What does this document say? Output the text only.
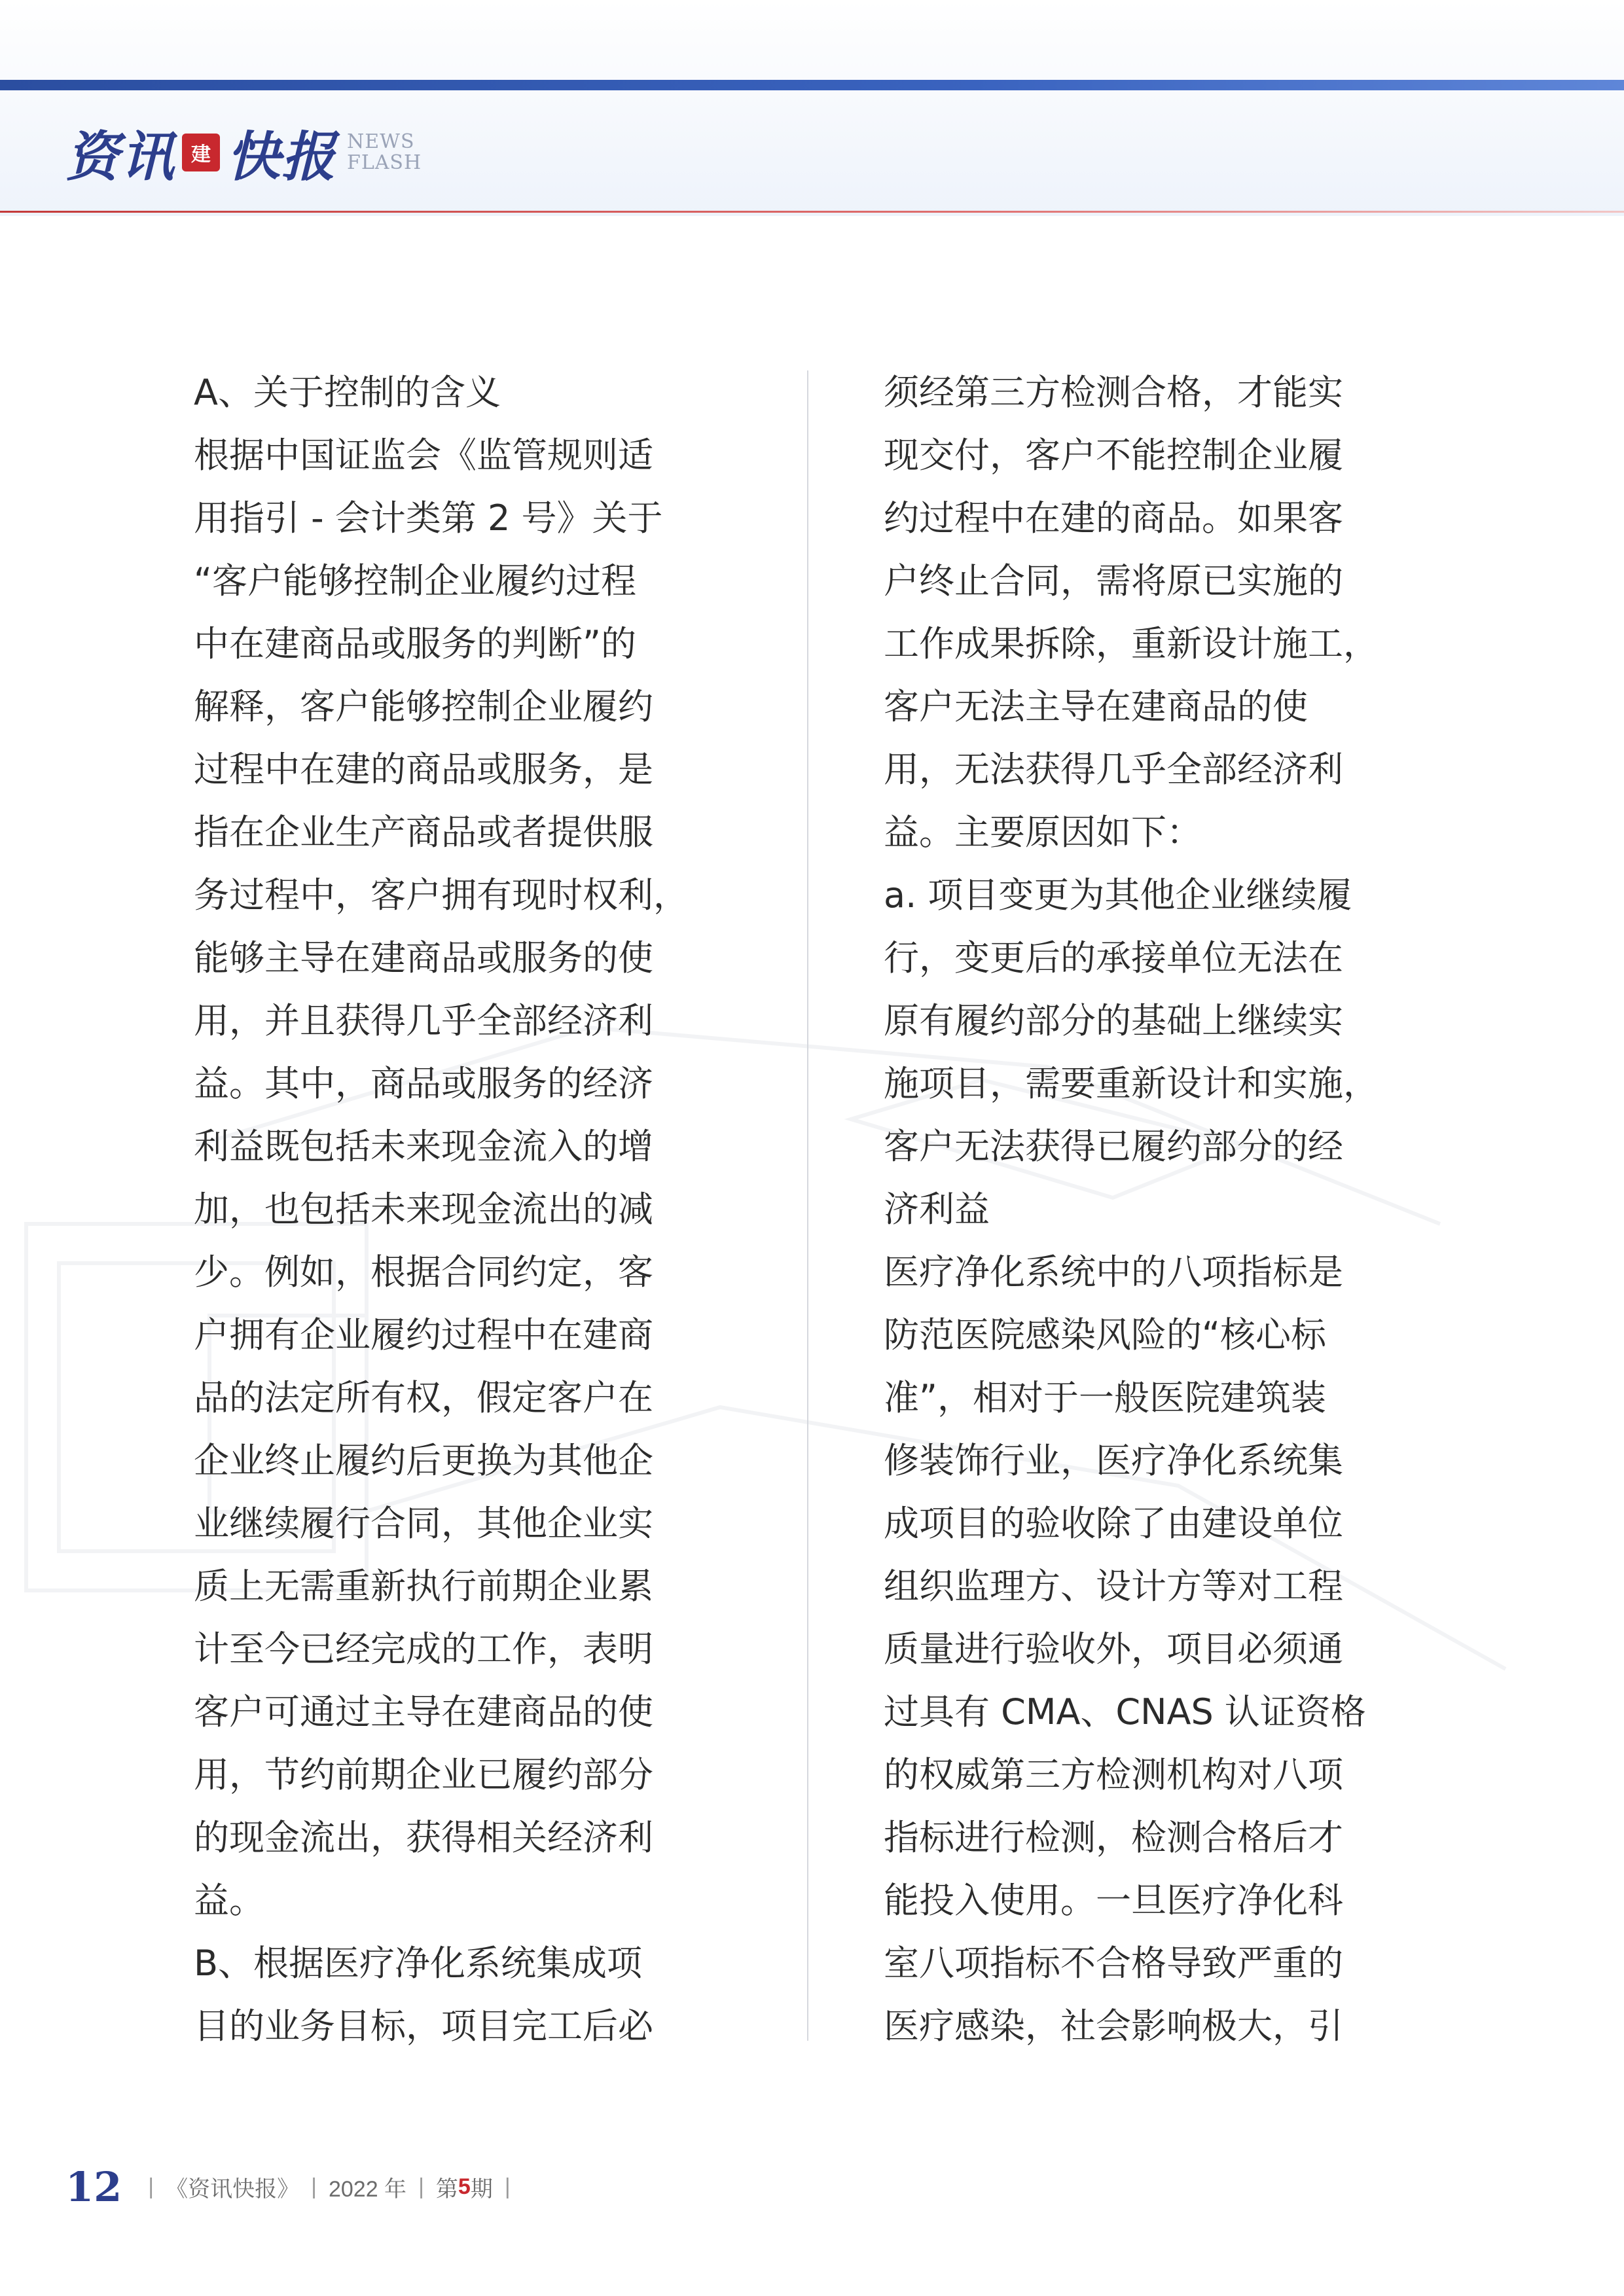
资讯 建 快报 NEWS
FLASH
A、关于控制的含义
根据中国证监会《监管规则适
用指引 - 会计类第 2 号》关于
“客户能够控制企业履约过程
中在建商品或服务的判断”的
解释，客户能够控制企业履约
过程中在建的商品或服务，是
指在企业生产商品或者提供服
务过程中，客户拥有现时权利，
能够主导在建商品或服务的使
用，并且获得几乎全部经济利
益。其中，商品或服务的经济
利益既包括未来现金流入的增
加，也包括未来现金流出的减
少。例如，根据合同约定，客
户拥有企业履约过程中在建商
品的法定所有权，假定客户在
企业终止履约后更换为其他企
业继续履行合同，其他企业实
质上无需重新执行前期企业累
计至今已经完成的工作，表明
客户可通过主导在建商品的使
用，节约前期企业已履约部分
的现金流出，获得相关经济利
益。
B、根据医疗净化系统集成项
目的业务目标，项目完工后必
须经第三方检测合格，才能实
现交付，客户不能控制企业履
约过程中在建的商品。如果客
户终止合同，需将原已实施的
工作成果拆除，重新设计施工，
客户无法主导在建商品的使
用，无法获得几乎全部经济利
益。主要原因如下：
a. 项目变更为其他企业继续履
行，变更后的承接单位无法在
原有履约部分的基础上继续实
施项目，需要重新设计和实施，
客户无法获得已履约部分的经
济利益
医疗净化系统中的八项指标是
防范医院感染风险的“核心标
准”，相对于一般医院建筑装
修装饰行业，医疗净化系统集
成项目的验收除了由建设单位
组织监理方、设计方等对工程
质量进行验收外，项目必须通
过具有 CMA、CNAS 认证资格
的权威第三方检测机构对八项
指标进行检测，检测合格后才
能投入使用。一旦医疗净化科
室八项指标不合格导致严重的
医疗感染，社会影响极大，引
12 | 《资讯快报》 | 2022 年 | 第 5 期 |
